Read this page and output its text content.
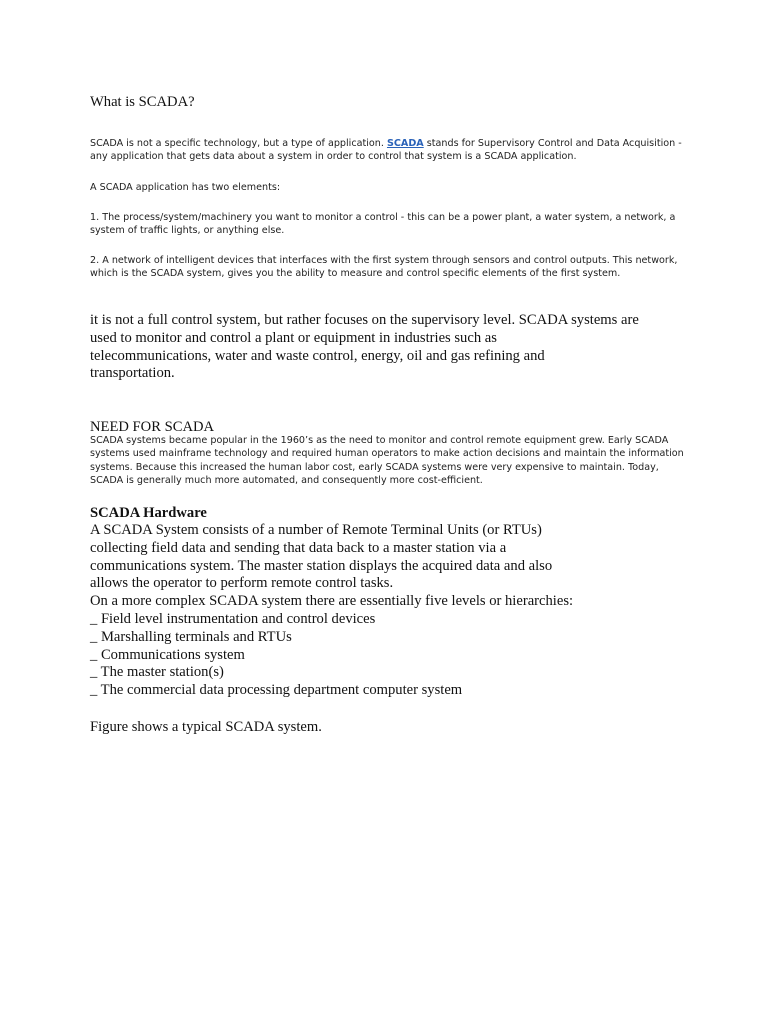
What is SCADA?

SCADA is not a specific technology, but a type of application. SCADA stands for Supervisory Control and Data Acquisition - any application that gets data about a system in order to control that system is a SCADA application.

A SCADA application has two elements:

1. The process/system/machinery you want to monitor a control - this can be a power plant, a water system, a network, a system of traffic lights, or anything else.

2. A network of intelligent devices that interfaces with the first system through sensors and control outputs. This network, which is the SCADA system, gives you the ability to measure and control specific elements of the first system.

it is not a full control system, but rather focuses on the supervisory level. SCADA systems are
used to monitor and control a plant or equipment in industries such as
telecommunications, water and waste control, energy, oil and gas refining and
transportation.

NEED FOR SCADA

SCADA systems became popular in the 1960’s as the need to monitor and control remote equipment grew. Early SCADA systems used mainframe technology and required human operators to make action decisions and maintain the information systems. Because this increased the human labor cost, early SCADA systems were very expensive to maintain. Today, SCADA is generally much more automated, and consequently more cost-efficient.

SCADA Hardware

A SCADA System consists of a number of Remote Terminal Units (or RTUs)
collecting field data and sending that data back to a master station via a
communications system. The master station displays the acquired data and also
allows the operator to perform remote control tasks.
On a more complex SCADA system there are essentially five levels or hierarchies:
_ Field level instrumentation and control devices
_ Marshalling terminals and RTUs
_ Communications system
_ The master station(s)
_ The commercial data processing department computer system

Figure shows a typical SCADA system.
